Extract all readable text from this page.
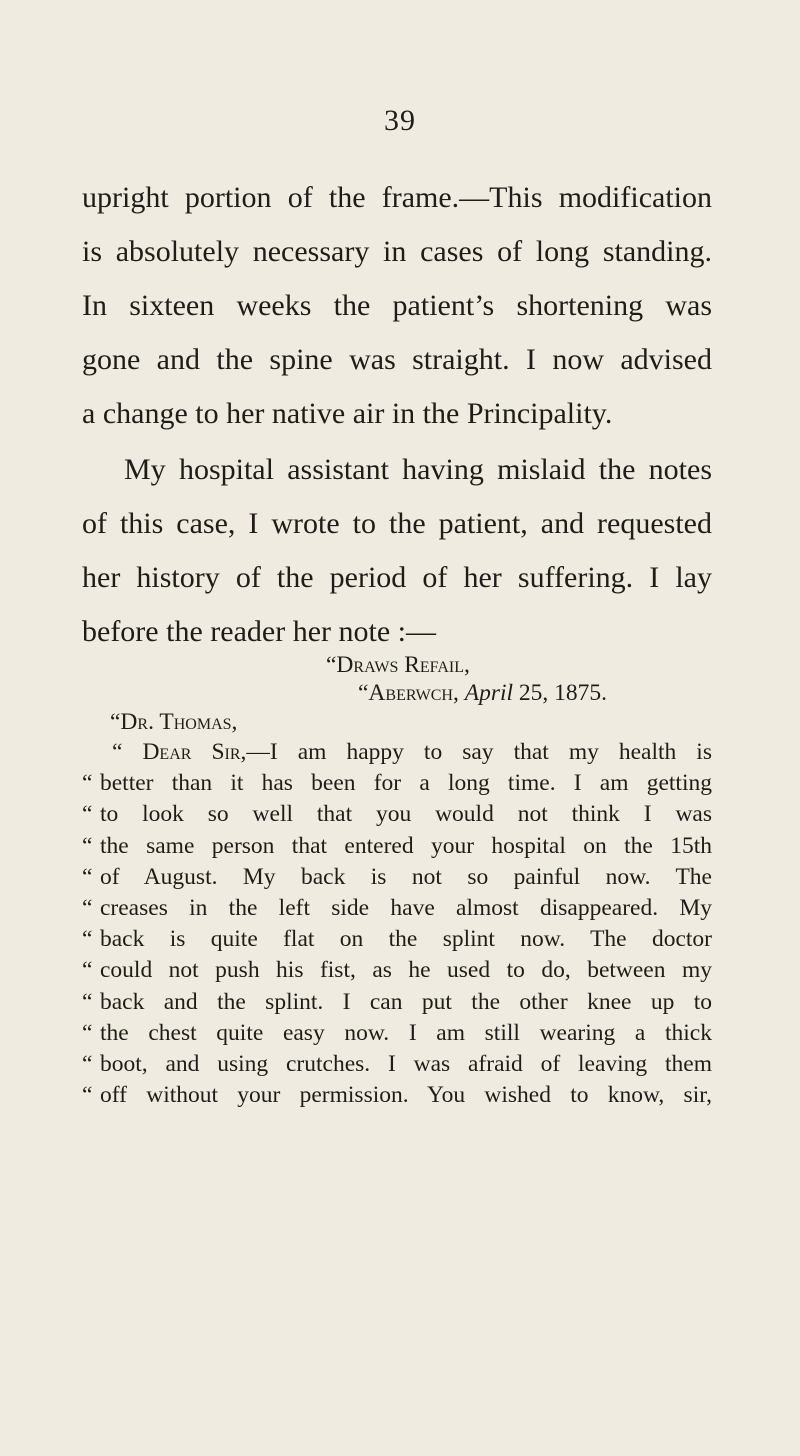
39
upright portion of the frame.—This modification
is absolutely necessary in cases of long standing.
In sixteen weeks the patient’s shortening was
gone and the spine was straight. I now advised
a change to her native air in the Principality.
My hospital assistant having mislaid the notes
of this case, I wrote to the patient, and requested
her history of the period of her suffering. I lay
before the reader her note :—
“Draws Refail,
“Aberwch, April 25, 1875.
“Dr. Thomas,
“ Dear Sir,—I am happy to say that my health is
“ better than it has been for a long time. I am getting
“ to look so well that you would not think I was
“ the same person that entered your hospital on the 15th
“ of August. My back is not so painful now. The
“ creases in the left side have almost disappeared. My
“ back is quite flat on the splint now. The doctor
“ could not push his fist, as he used to do, between my
“ back and the splint. I can put the other knee up to
“ the chest quite easy now. I am still wearing a thick
“ boot, and using crutches. I was afraid of leaving them
“ off without your permission. You wished to know, sir,
